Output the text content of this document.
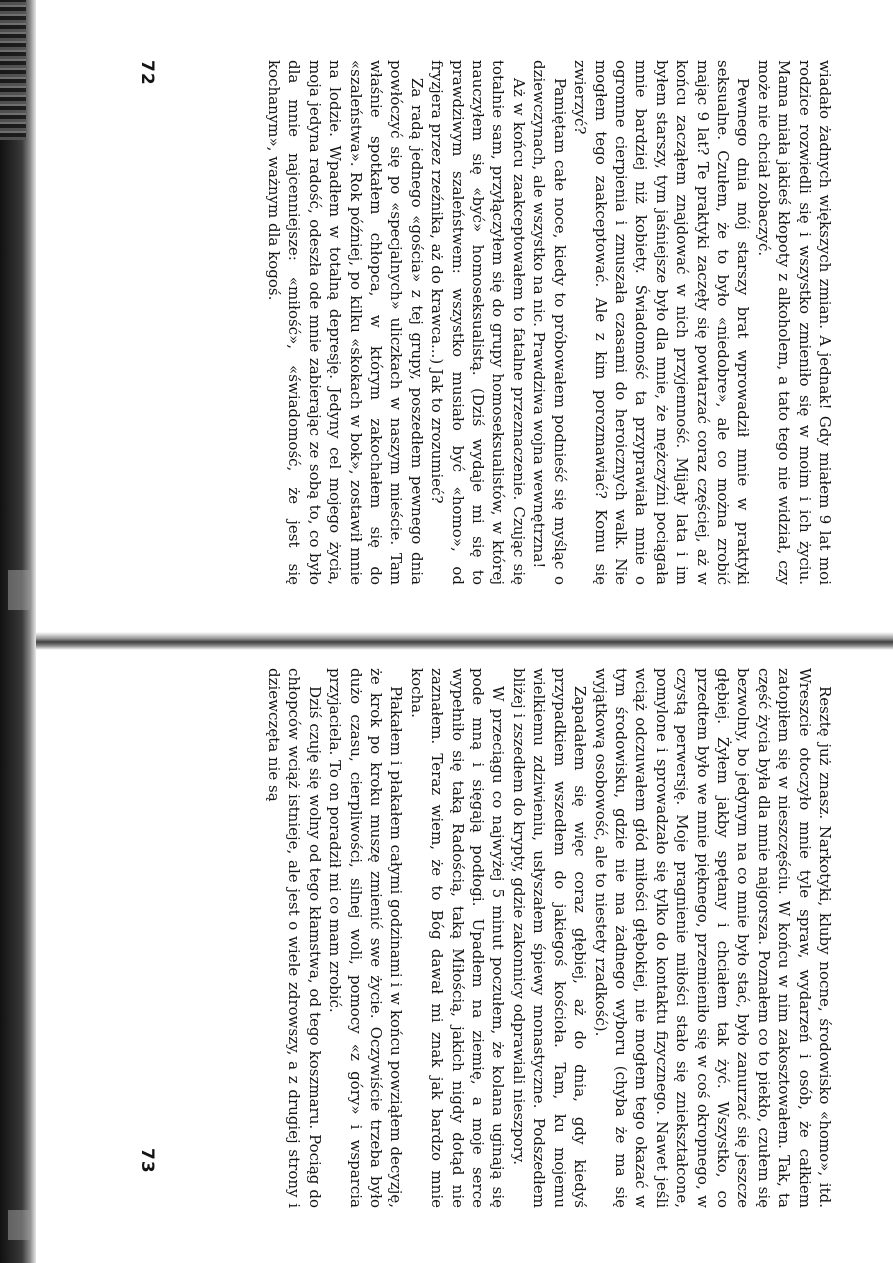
wiadało żadnych większych zmian. A jednak! Gdy miałem 9 lat moi rodzice rozwiedli się i wszystko zmieniło się w moim i ich życiu. Mama miała jakieś kłopoty z alkoholem, a tato tego nie widział, czy może nie chciał zobaczyć.

Pewnego dnia mój starszy brat wprowadził mnie w praktyki seksualne. Czułem, że to było «niedobre», ale co można zrobić mając 9 lat? Te praktyki zaczęły się powtarzać coraz częściej, aż w końcu zacząłem znajdować w nich przyjemność. Mijały lata i im byłem starszy, tym jaśniejsze było dla mnie, że mężczyźni pociągała mnie bardziej niż kobiety. Świadomość ta przyprawiała mnie o ogromne cierpienia i zmuszała czasami do heroicznych walk. Nie mogłem tego zaakceptować. Ale z kim porozmawiać? Komu się zwierzyć?

Pamiętam całe noce, kiedy to próbowałem podnieść się myśląc o dziewczynach, ale wszystko na nic. Prawdziwa wojna wewnętrzna!

Aż w końcu zaakceptowałem to fatalne przeznaczenie. Czując się totalnie sam, przyłączyłem się do grupy homoseksualistów, w której nauczyłem się «być» homoseksualistą. (Dziś wydaje mi się to prawdziwym szaleństwem: wszystko musiało być «homo», od fryzjera przez rzeźnika, aż do krawca...) Jak to zrozumieć?

Za radą jednego «gościa» z tej grupy, poszedłem pewnego dnia powłóczyć się po «specjalnych» uliczkach w naszym mieście. Tam właśnie spotkałem chłopca, w którym zakochałem się do «szaleństwa». Rok później, po kilku «skokach w bok», zostawił mnie na lodzie. Wpadłem w totalną depresję. Jedyny cel mojego życia, moja jedyna radość, odeszła ode mnie zabierając ze sobą to, co było dla mnie najcenniejsze: «miłość», «świadomość, że jest się kochanym», ważnym dla kogoś.

72

Resztę już znasz. Narkotyki, kluby nocne, środowisko «homo», itd. Wreszcie otoczyło mnie tyle spraw, wydarzeń i osób, że całkiem zatopiłem się w nieszczęściu. W końcu w nim zakosztowałem. Tak, ta część życia była dla mnie najgorsza. Poznałem co to piekło, czułem się bezwolny, bo jedynym na co mnie było stać, było zanurzać się jeszcze głębiej. Żyłem jakby spętany i chciałem tak żyć. Wszystko, co przedtem było we mnie pięknego, przemieniło się w coś okropnego, w czystą perwersję. Moje pragnienie miłości stało się zniekształcone, pomylone i sprowadzało się tylko do kontaktu fizycznego. Nawet jeśli wciąż odczuwałem głód miłości głębokiej, nie mogłem tego okazać w tym środowisku, gdzie nie ma żadnego wyboru (chyba że ma się wyjątkową osobowość, ale to niestety rzadkość).

Zapadałem się więc coraz głębiej, aż do dnia, gdy kiedyś przypadkiem wszedłem do jakiegoś kościoła. Tam, ku mojemu wielkiemu zdziwieniu, usłyszałem śpiewy monastyczne. Podszedłem bliżej i zszedłem do krypty, gdzie zakonnicy odprawiali nieszpory.

W przeciągu co najwyżej 5 minut poczułem, że kolana uginają się pode mną i sięgają podłogi. Upadłem na ziemię, a moje serce wypełniło się taką Radością, taką Miłością, jakich nigdy dotąd nie zaznałem. Teraz wiem, że to Bóg dawał mi znak jak bardzo mnie kocha.

Płakałem i płakałem całymi godzinami i w końcu powziąłem decyzję, że krok po kroku muszę zmienić swe życie. Oczywiście trzeba było dużo czasu, cierpliwości, silnej woli, pomocy «z góry» i wsparcia przyjaciela. To on poradził mi co mam zrobić.

Dziś czuję się wolny od tego kłamstwa, od tego koszmaru. Pociąg do chłopców wciąż istnieje, ale jest o wiele zdrowszy, a z drugiej strony i dziewczęta nie są

73
